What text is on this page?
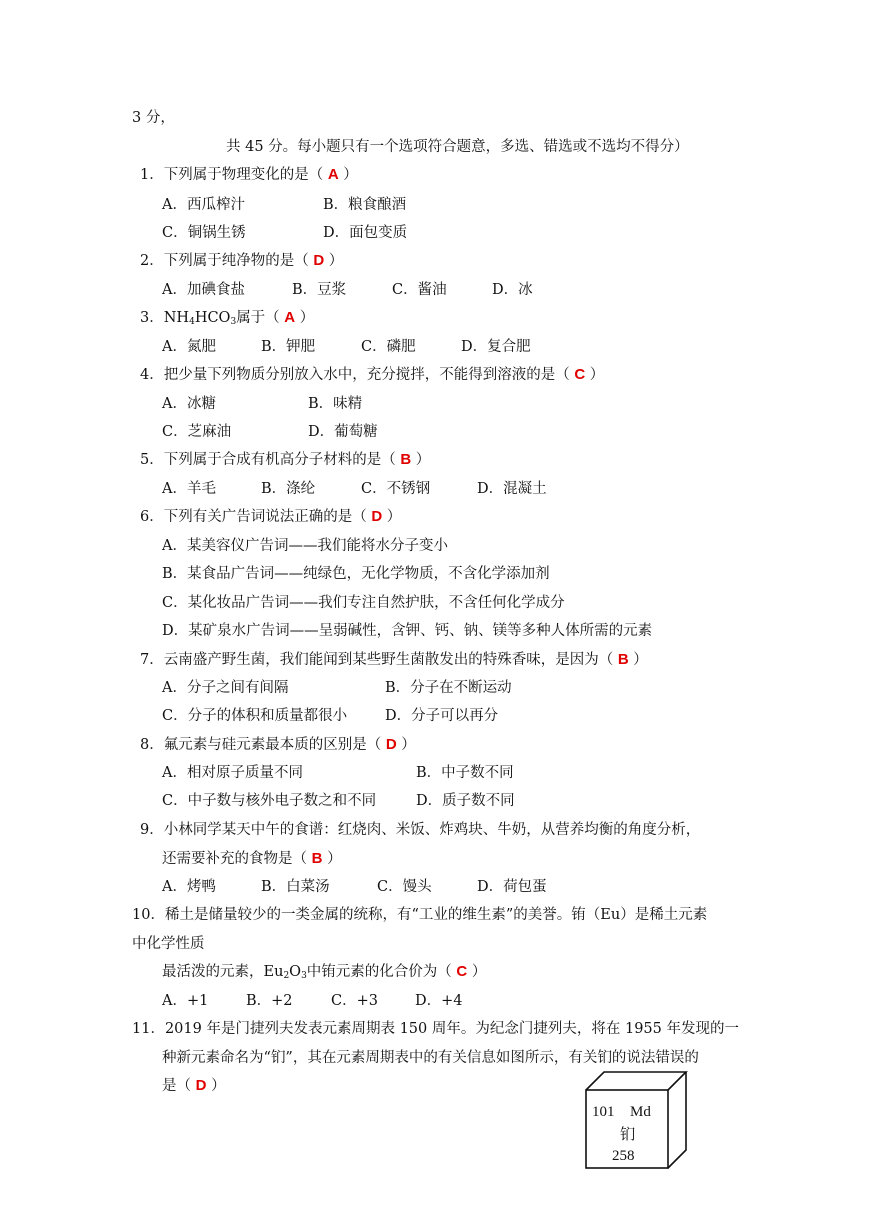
3 分，
共 45 分。每小题只有一个选项符合题意，多选、错选或不选均不得分）
1．下列属于物理变化的是（ A ）
A．西瓜榨汁	B．粮食酿酒
C．铜锅生锈	D．面包变质
2．下列属于纯净物的是（ D ）
A．加碘食盐	B．豆浆	C．酱油	D．冰
3．$NH_4HCO_3$属于（ A ）
A．氮肥	B．钾肥	C．磷肥	D．复合肥
4．把少量下列物质分别放入水中，充分搅拌，不能得到溶液的是（ C ）
A．冰糖	B．味精
C．芝麻油	D．葡萄糖
5．下列属于合成有机高分子材料的是（ B ）
A．羊毛	B．涤纶	C．不锈钢	D．混凝土
6．下列有关广告词说法正确的是（ D ）
A．某美容仪广告词——我们能将水分子变小
B．某食品广告词——纯绿色，无化学物质，不含化学添加剂
C．某化妆品广告词——我们专注自然护肤，不含任何化学成分
D．某矿泉水广告词——呈弱碱性，含钾、钙、钠、镁等多种人体所需的元素
7．云南盛产野生菌，我们能闻到某些野生菌散发出的特殊香味，是因为（ B ）
A．分子之间有间隔	B．分子在不断运动
C．分子的体积和质量都很小	D．分子可以再分
8．氟元素与硅元素最本质的区别是（ D ）
A．相对原子质量不同	B．中子数不同
C．中子数与核外电子数之和不同	D．质子数不同
9．小林同学某天中午的食谱：红烧肉、米饭、炸鸡块、牛奶，从营养均衡的角度分析，
还需要补充的食物是（ B ）
A．烤鸭	B．白菜汤	C．馒头	D．荷包蛋
10．稀土是储量较少的一类金属的统称，有“工业的维生素”的美誉。铕（Eu）是稀土元素
中化学性质
最活泼的元素，$Eu_2O_3$中铕元素的化合价为（ C ）
A．+1	B．+2	C．+3	D．+4
11．2019 年是门捷列夫发表元素周期表 150 周年。为纪念门捷列夫，将在 1955 年发现的一
种新元素命名为“钔”，其在元素周期表中的有关信息如图所示，有关钔的说法错误的
是（ D ）
101 Md
钔
258
